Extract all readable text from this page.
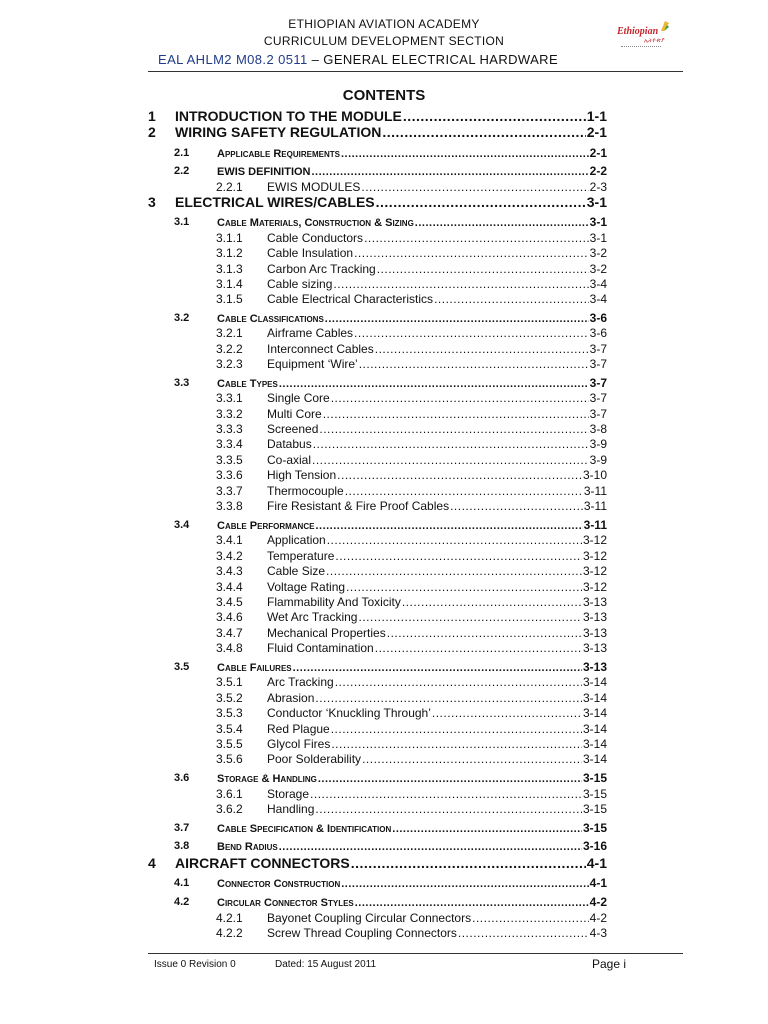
ETHIOPIAN AVIATION ACADEMY
CURRICULUM DEVELOPMENT SECTION
EAL AHLM2 M08.2 0511 – GENERAL ELECTRICAL HARDWARE
Ethiopian
ኢትዮጵያ
CONTENTS
1 INTRODUCTION TO THE MODULE .....	1-1
2 WIRING SAFETY REGULATION .....	2-1
2.1	Applicable Requirements .....	2-1
2.2	EWIS DEFINITION .....	2-2
2.2.1 EWIS MODULES .....	2-3
3 ELECTRICAL WIRES/CABLES .....	3-1
3.1	Cable Materials, Construction & Sizing .....	3-1
3.1.1 Cable Conductors .....	3-1
3.1.2 Cable Insulation .....	3-2
3.1.3 Carbon Arc Tracking .....	3-2
3.1.4 Cable sizing .....	3-4
3.1.5 Cable Electrical Characteristics .....	3-4
3.2	Cable Classifications .....	3-6
3.2.1 Airframe Cables .....	3-6
3.2.2 Interconnect Cables .....	3-7
3.2.3 Equipment ‘Wire’ .....	3-7
3.3	Cable Types .....	3-7
3.3.1 Single Core .....	3-7
3.3.2 Multi Core .....	3-7
3.3.3 Screened .....	3-8
3.3.4 Databus .....	3-9
3.3.5 Co-axial .....	3-9
3.3.6 High Tension .....	3-10
3.3.7 Thermocouple .....	3-11
3.3.8 Fire Resistant & Fire Proof Cables .....	3-11
3.4	Cable Performance .....	3-11
3.4.1 Application .....	3-12
3.4.2 Temperature .....	3-12
3.4.3 Cable Size .....	3-12
3.4.4 Voltage Rating .....	3-12
3.4.5 Flammability And Toxicity .....	3-13
3.4.6 Wet Arc Tracking .....	3-13
3.4.7 Mechanical Properties .....	3-13
3.4.8 Fluid Contamination .....	3-13
3.5	Cable Failures .....	3-13
3.5.1 Arc Tracking .....	3-14
3.5.2 Abrasion .....	3-14
3.5.3 Conductor ‘Knuckling Through’ .....	3-14
3.5.4 Red Plague .....	3-14
3.5.5 Glycol Fires .....	3-14
3.5.6 Poor Solderability .....	3-14
3.6	Storage & Handling .....	3-15
3.6.1 Storage .....	3-15
3.6.2 Handling .....	3-15
3.7	Cable Specification & Identification .....	3-15
3.8	Bend Radius .....	3-16
4 AIRCRAFT CONNECTORS .....	4-1
4.1	Connector Construction .....	4-1
4.2	Circular Connector Styles .....	4-2
4.2.1 Bayonet Coupling Circular Connectors .....	4-2
4.2.2 Screw Thread Coupling Connectors .....	4-3
Issue 0 Revision 0	Dated: 15 August 2011	Page i
